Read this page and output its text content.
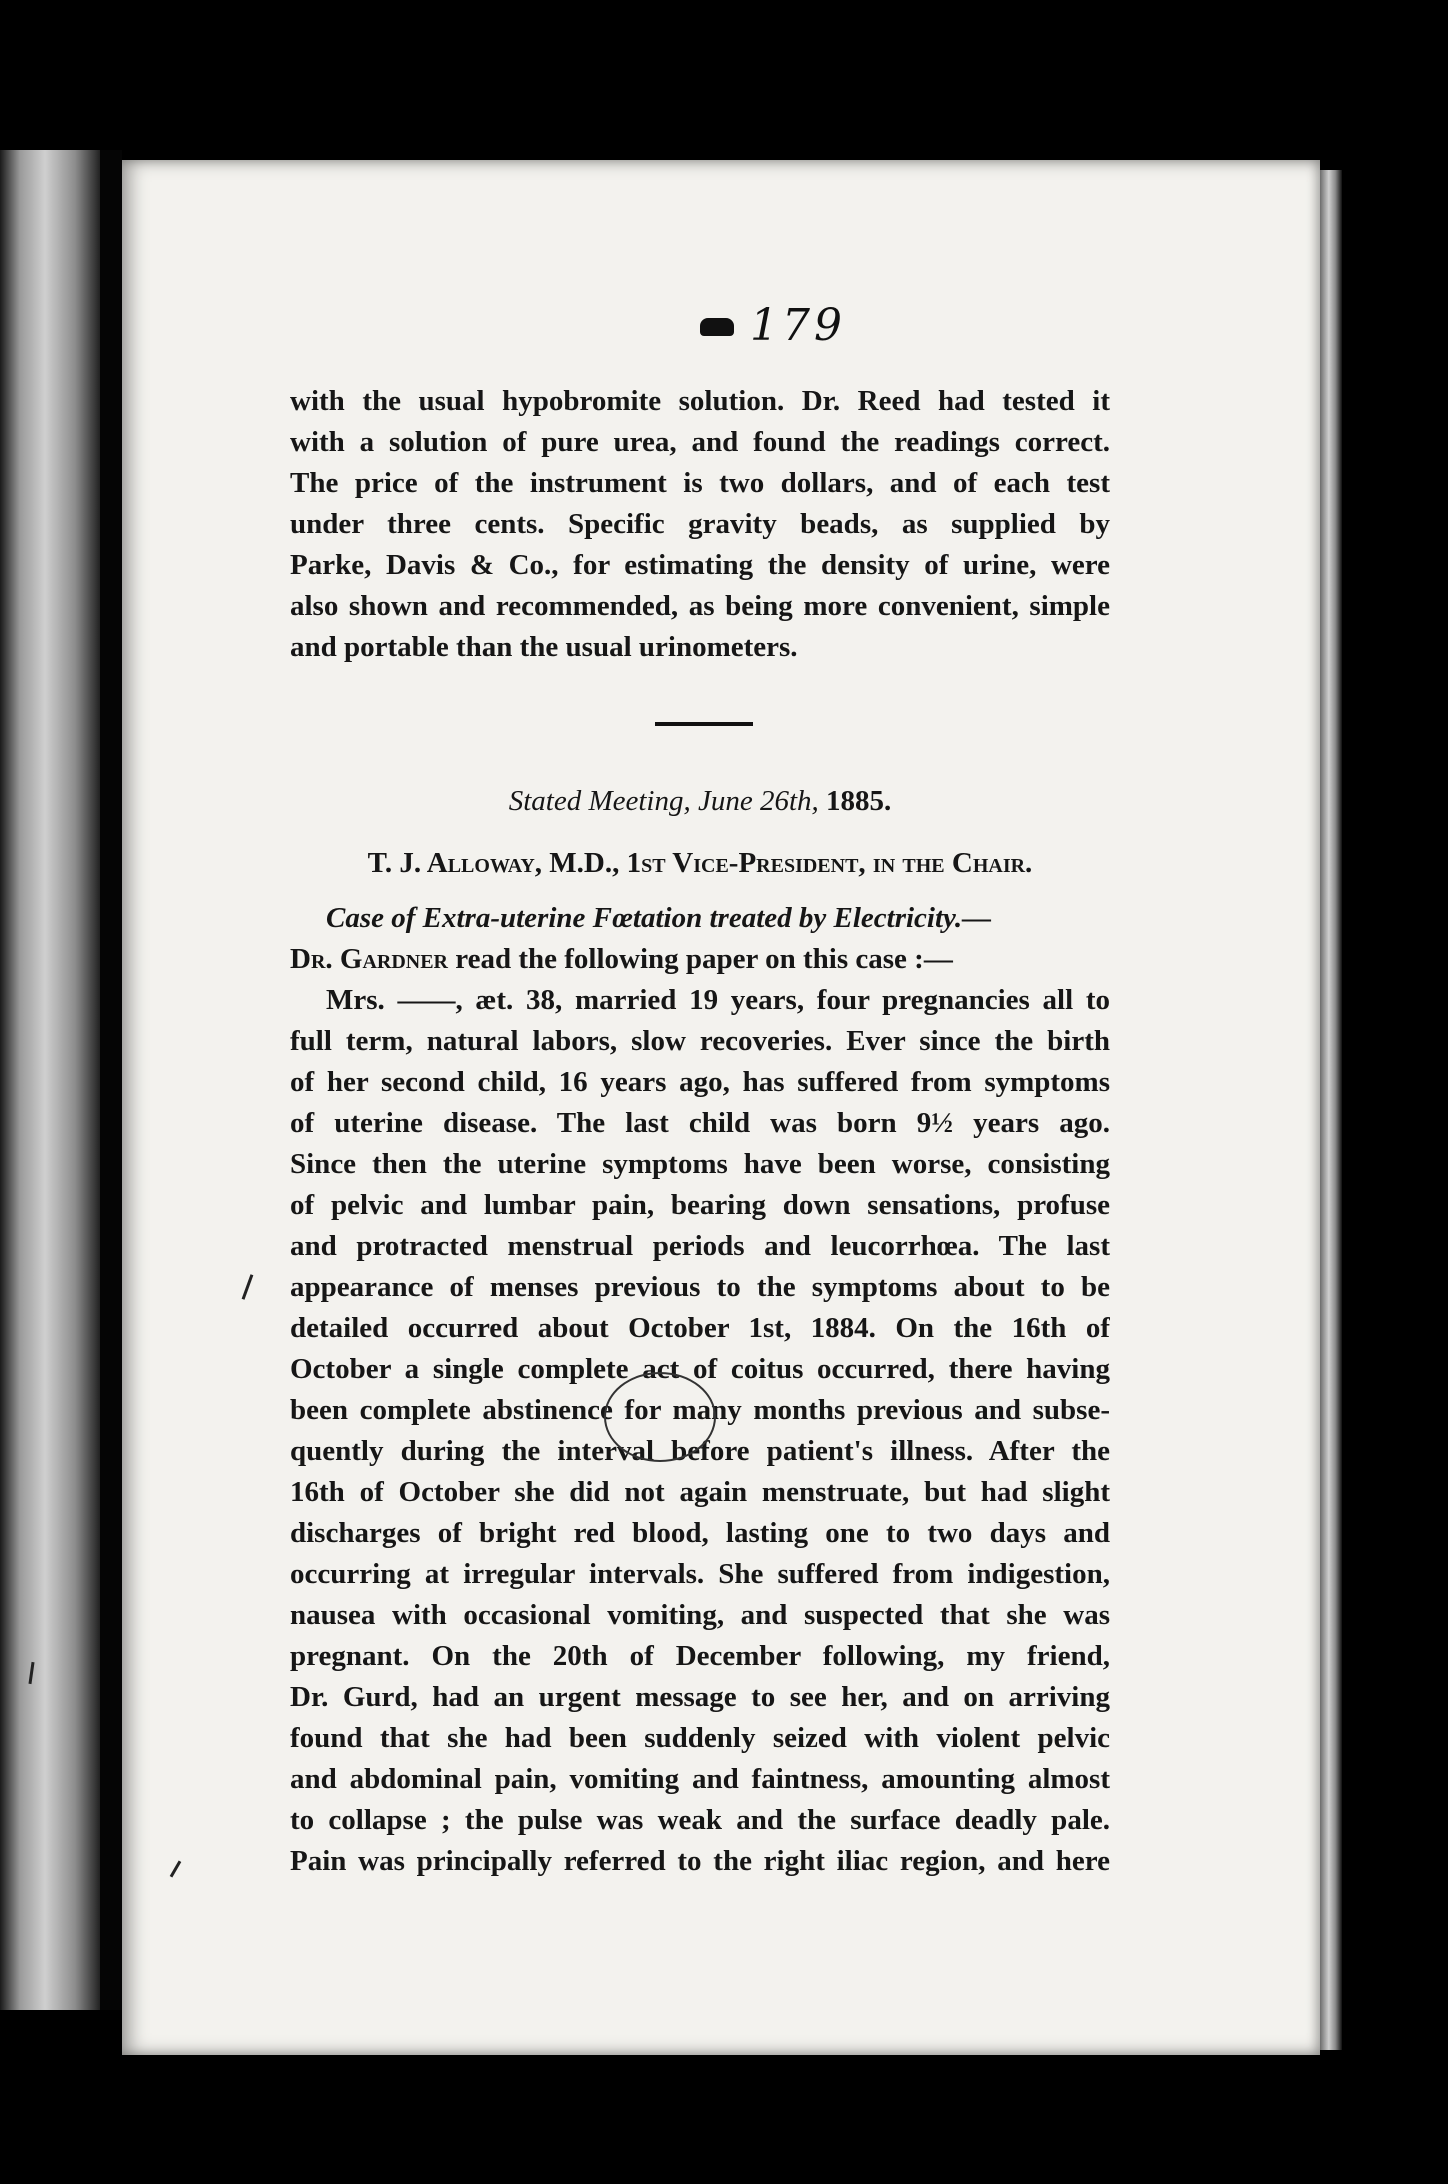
179
with the usual hypobromite solution. Dr. Reed had tested it
with a solution of pure urea, and found the readings correct.
The price of the instrument is two dollars, and of each test
under three cents. Specific gravity beads, as supplied by
Parke, Davis & Co., for estimating the density of urine, were
also shown and recommended, as being more convenient, simple
and portable than the usual urinometers.
Stated Meeting, June 26th, 1885.
T. J. Alloway, M.D., 1st Vice-President, in the Chair.
Case of Extra-uterine Fœtation treated by Electricity.—
Dr. Gardner read the following paper on this case :—
Mrs. ——, æt. 38, married 19 years, four pregnancies all to
full term, natural labors, slow recoveries. Ever since the birth
of her second child, 16 years ago, has suffered from symptoms
of uterine disease. The last child was born 9½ years ago.
Since then the uterine symptoms have been worse, consisting
of pelvic and lumbar pain, bearing down sensations, profuse
and protracted menstrual periods and leucorrhœa. The last
appearance of menses previous to the symptoms about to be
detailed occurred about October 1st, 1884. On the 16th of
October a single complete act of coitus occurred, there having
been complete abstinence for many months previous and subse-
quently during the interval before patient's illness. After the
16th of October she did not again menstruate, but had slight
discharges of bright red blood, lasting one to two days and
occurring at irregular intervals. She suffered from indigestion,
nausea with occasional vomiting, and suspected that she was
pregnant. On the 20th of December following, my friend,
Dr. Gurd, had an urgent message to see her, and on arriving
found that she had been suddenly seized with violent pelvic
and abdominal pain, vomiting and faintness, amounting almost
to collapse ; the pulse was weak and the surface deadly pale.
Pain was principally referred to the right iliac region, and here
